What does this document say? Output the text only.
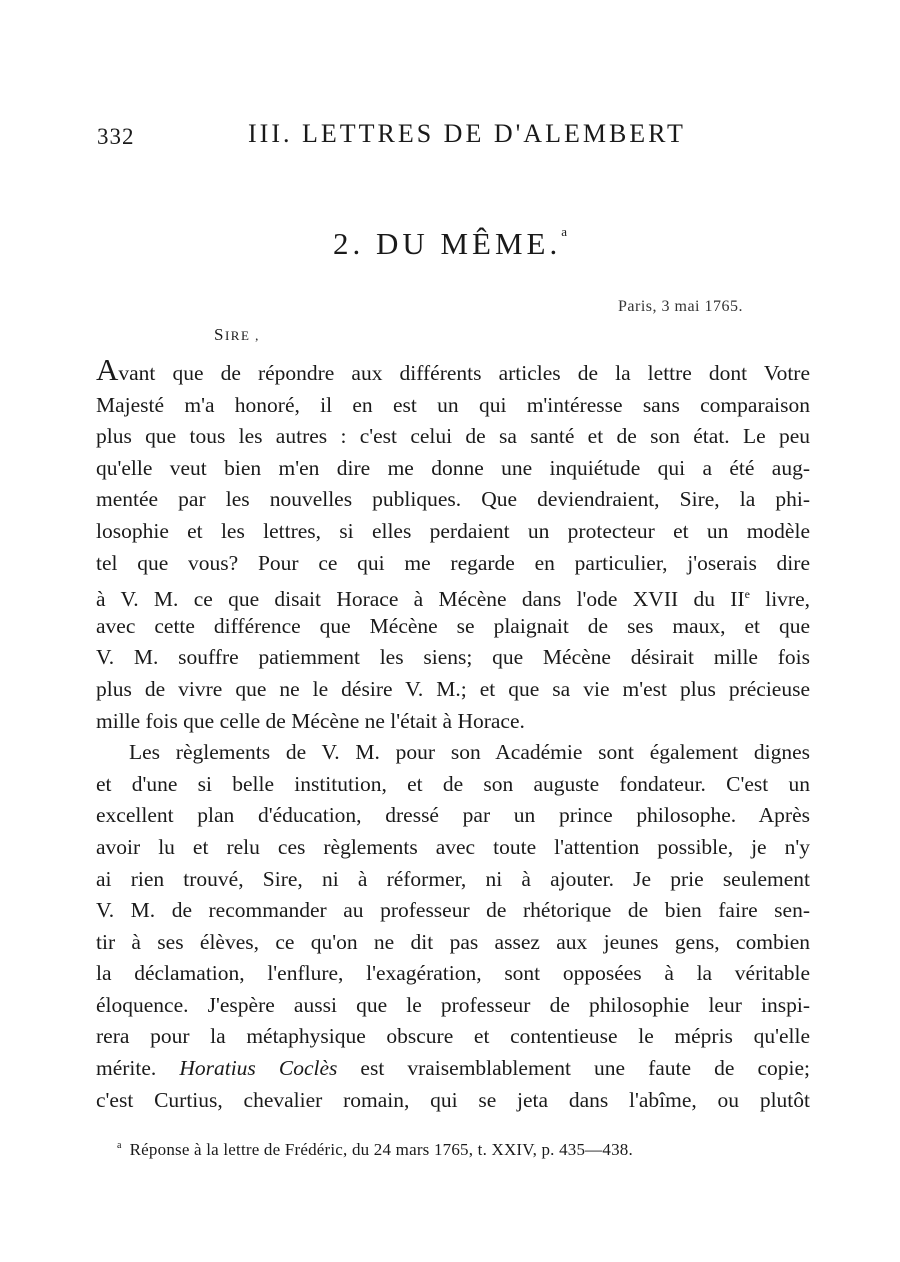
332	III. LETTRES DE D'ALEMBERT
2. DU MÊME.$^a$
Paris, 3 mai 1765.
SIRE ,
Avant que de répondre aux différents articles de la lettre dont Votre
Majesté m'a honoré, il en est un qui m'intéresse sans comparaison
plus que tous les autres : c'est celui de sa santé et de son état. Le peu
qu'elle veut bien m'en dire me donne une inquiétude qui a été aug-
mentée par les nouvelles publiques. Que deviendraient, Sire, la phi-
losophie et les lettres, si elles perdaient un protecteur et un modèle
tel que vous? Pour ce qui me regarde en particulier, j'oserais dire
à V. M. ce que disait Horace à Mécène dans l'ode XVII du IIe livre,
avec cette différence que Mécène se plaignait de ses maux, et que
V. M. souffre patiemment les siens; que Mécène désirait mille fois
plus de vivre que ne le désire V. M.; et que sa vie m'est plus précieuse
mille fois que celle de Mécène ne l'était à Horace.
Les règlements de V. M. pour son Académie sont également dignes
et d'une si belle institution, et de son auguste fondateur. C'est un
excellent plan d'éducation, dressé par un prince philosophe. Après
avoir lu et relu ces règlements avec toute l'attention possible, je n'y
ai rien trouvé, Sire, ni à réformer, ni à ajouter. Je prie seulement
V. M. de recommander au professeur de rhétorique de bien faire sen-
tir à ses élèves, ce qu'on ne dit pas assez aux jeunes gens, combien
la déclamation, l'enflure, l'exagération, sont opposées à la véritable
éloquence. J'espère aussi que le professeur de philosophie leur inspi-
rera pour la métaphysique obscure et contentieuse le mépris qu'elle
mérite. Horatius Coclès est vraisemblablement une faute de copie;
c'est Curtius, chevalier romain, qui se jeta dans l'abîme, ou plutôt
$^a$ Réponse à la lettre de Frédéric, du 24 mars 1765, t. XXIV, p. 435—438.
